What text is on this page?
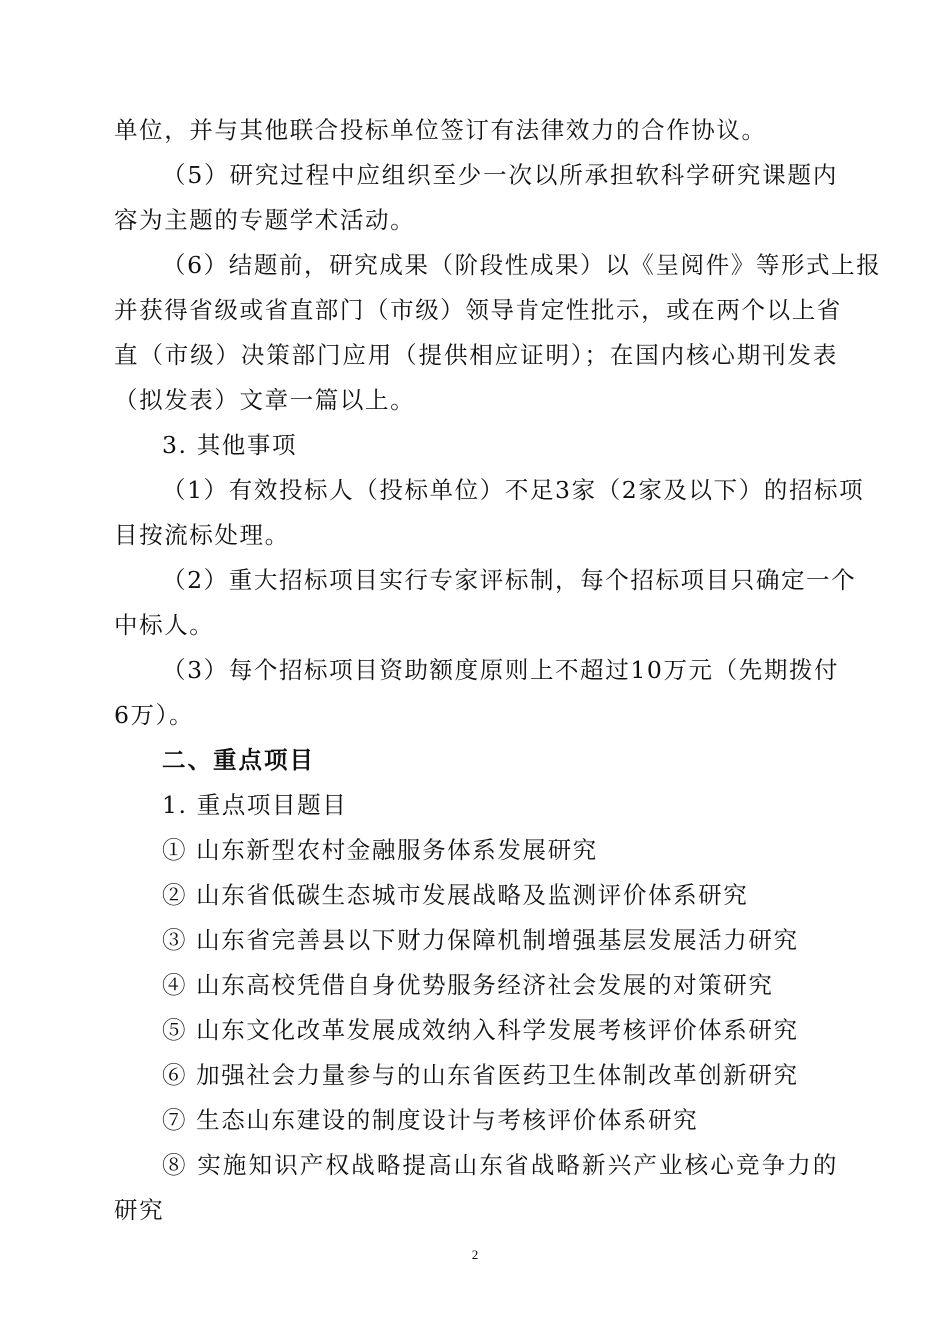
单位，并与其他联合投标单位签订有法律效力的合作协议。
（5）研究过程中应组织至少一次以所承担软科学研究课题内
容为主题的专题学术活动。
（6）结题前，研究成果（阶段性成果）以《呈阅件》等形式上报
并获得省级或省直部门（市级）领导肯定性批示，或在两个以上省
直（市级）决策部门应用（提供相应证明）；在国内核心期刊发表
（拟发表）文章一篇以上。
3. 其他事项
（1）有效投标人（投标单位）不足3家（2家及以下）的招标项
目按流标处理。
（2）重大招标项目实行专家评标制，每个招标项目只确定一个
中标人。
（3）每个招标项目资助额度原则上不超过10万元（先期拨付
6万）。
二、重点项目
1. 重点项目题目
① 山东新型农村金融服务体系发展研究
② 山东省低碳生态城市发展战略及监测评价体系研究
③ 山东省完善县以下财力保障机制增强基层发展活力研究
④ 山东高校凭借自身优势服务经济社会发展的对策研究
⑤ 山东文化改革发展成效纳入科学发展考核评价体系研究
⑥ 加强社会力量参与的山东省医药卫生体制改革创新研究
⑦ 生态山东建设的制度设计与考核评价体系研究
⑧ 实施知识产权战略提高山东省战略新兴产业核心竞争力的
研究
2
